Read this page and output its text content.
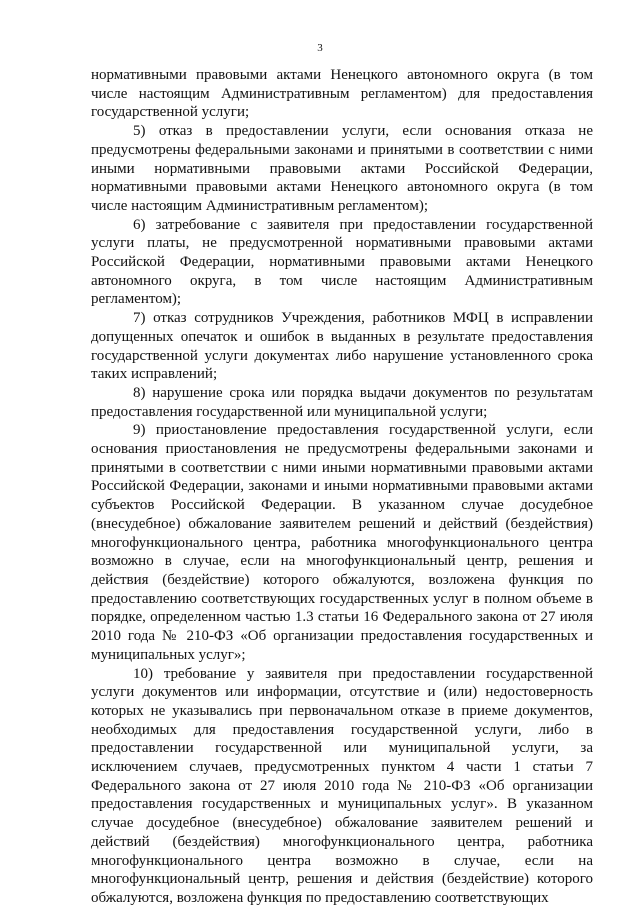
3

нормативными правовыми актами Ненецкого автономного округа (в том числе настоящим Административным регламентом) для предоставления государственной услуги;

5) отказ в предоставлении услуги, если основания отказа не предусмотрены федеральными законами и принятыми в соответствии с ними иными нормативными правовыми актами Российской Федерации, нормативными правовыми актами Ненецкого автономного округа (в том числе настоящим Административным регламентом);

6) затребование с заявителя при предоставлении государственной услуги платы, не предусмотренной нормативными правовыми актами Российской Федерации, нормативными правовыми актами Ненецкого автономного округа, в том числе настоящим Административным регламентом);

7) отказ сотрудников Учреждения, работников МФЦ в исправлении допущенных опечаток и ошибок в выданных в результате предоставления государственной услуги документах либо нарушение установленного срока таких исправлений;

8) нарушение срока или порядка выдачи документов по результатам предоставления государственной или муниципальной услуги;

9) приостановление предоставления государственной услуги, если основания приостановления не предусмотрены федеральными законами и принятыми в соответствии с ними иными нормативными правовыми актами Российской Федерации, законами и иными нормативными правовыми актами субъектов Российской Федерации. В указанном случае досудебное (внесудебное) обжалование заявителем решений и действий (бездействия) многофункционального центра, работника многофункционального центра возможно в случае, если на многофункциональный центр, решения и действия (бездействие) которого обжалуются, возложена функция по предоставлению соответствующих государственных услуг в полном объеме в порядке, определенном частью 1.3 статьи 16 Федерального закона от 27 июля 2010 года № 210-ФЗ «Об организации предоставления государственных и муниципальных услуг»;

10) требование у заявителя при предоставлении государственной услуги документов или информации, отсутствие и (или) недостоверность которых не указывались при первоначальном отказе в приеме документов, необходимых для предоставления государственной услуги, либо в предоставлении государственной или муниципальной услуги, за исключением случаев, предусмотренных пунктом 4 части 1 статьи 7 Федерального закона от 27 июля 2010 года № 210-ФЗ «Об организации предоставления государственных и муниципальных услуг». В указанном случае досудебное (внесудебное) обжалование заявителем решений и действий (бездействия) многофункционального центра, работника многофункционального центра возможно в случае, если на многофункциональный центр, решения и действия (бездействие) которого обжалуются, возложена функция по предоставлению соответствующих
